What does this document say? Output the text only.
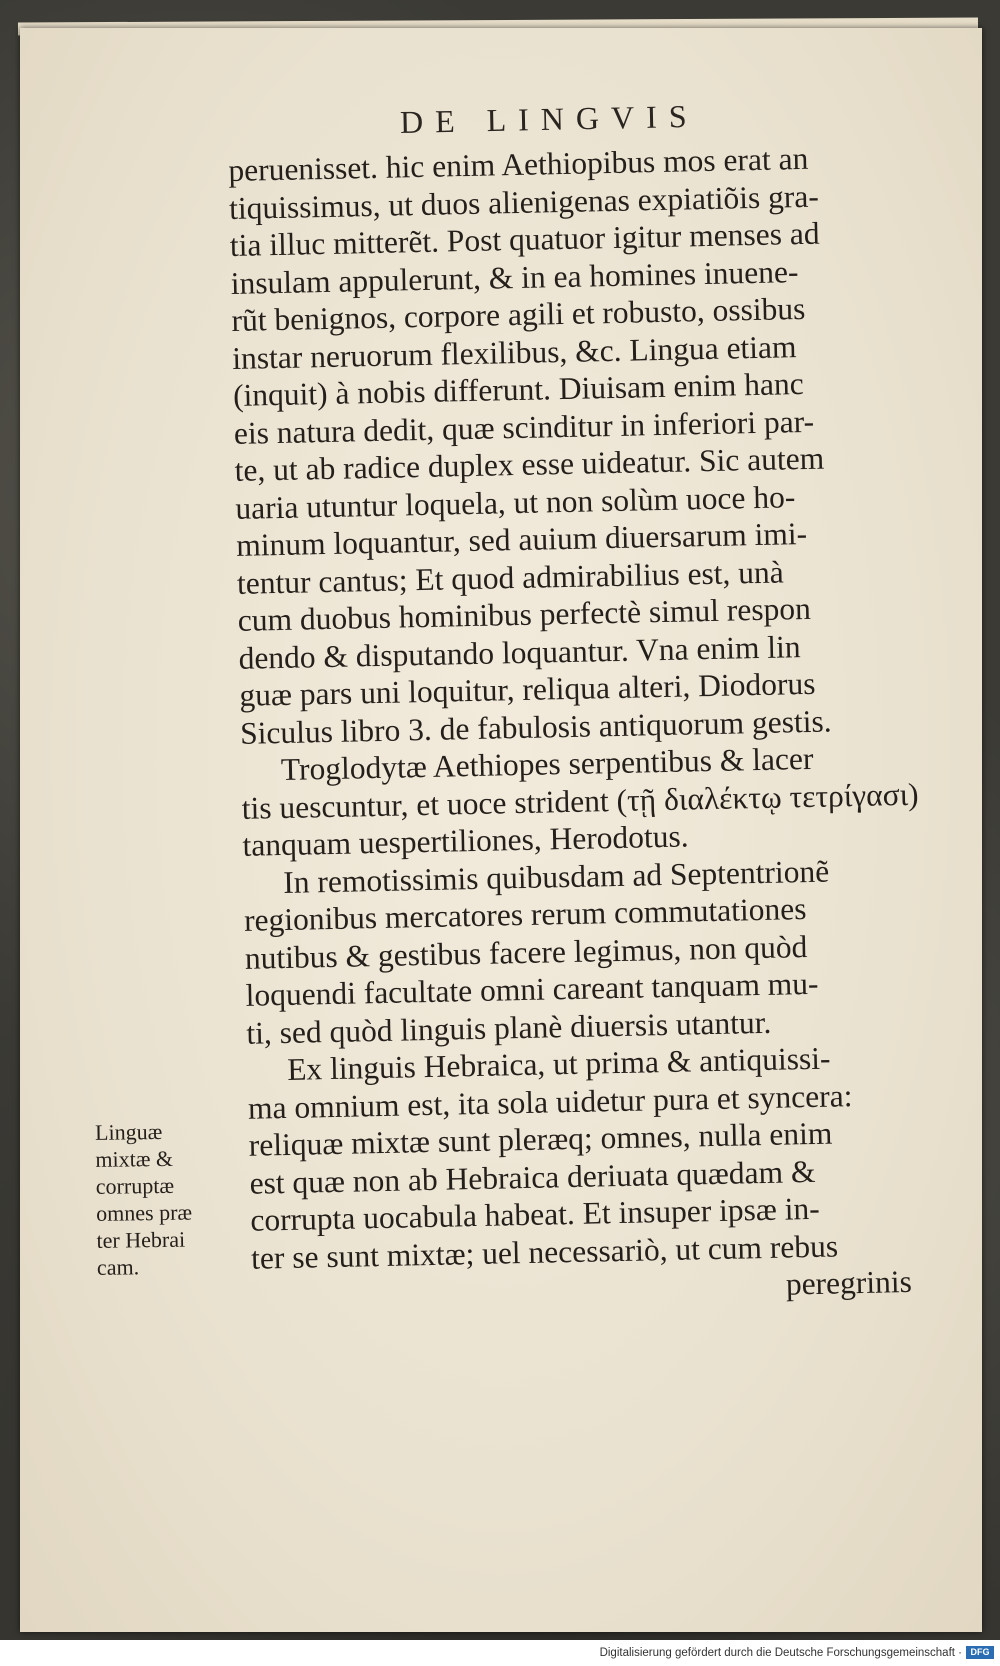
DE LINGVIS
peruenisset. hic enim Aethiopibus mos erat an
tiquissimus, ut duos alienigenas expiatiõis gra-
tia illuc mitterẽt. Post quatuor igitur menses ad
insulam appulerunt, & in ea homines inuene-
rũt benignos, corpore agili et robusto, ossibus
instar neruorum flexilibus, &c. Lingua etiam
(inquit) à nobis differunt. Diuisam enim hanc
eis natura dedit, quæ scinditur in inferiori par-
te, ut ab radice duplex esse uideatur. Sic autem
uaria utuntur loquela, ut non solùm uoce ho-
minum loquantur, sed auium diuersarum imi-
tentur cantus; Et quod admirabilius est, unà
cum duobus hominibus perfectè simul respon
dendo & disputando loquantur. Vna enim lin
guæ pars uni loquitur, reliqua alteri, Diodorus
Siculus libro 3. de fabulosis antiquorum gestis.
Troglodytæ Aethiopes serpentibus & lacer
tis uescuntur, et uoce strident (τῇ διαλέκτῳ τετρίγασι)
tanquam uespertiliones, Herodotus.
In remotissimis quibusdam ad Septentrionẽ
regionibus mercatores rerum commutationes
nutibus & gestibus facere legimus, non quòd
loquendi facultate omni careant tanquam mu-
ti, sed quòd linguis planè diuersis utantur.
Ex linguis Hebraica, ut prima & antiquissi-
ma omnium est, ita sola uidetur pura et syncera:
reliquæ mixtæ sunt pleræq; omnes, nulla enim
est quæ non ab Hebraica deriuata quædam &
corrupta uocabula habeat. Et insuper ipsæ in-
ter se sunt mixtæ; uel necessariò, ut cum rebus
peregrinis
Linguæ
mixtæ &
corruptæ
omnes præ
ter Hebrai
cam.
Digitalisierung gefördert durch die Deutsche Forschungsgemeinschaft · DFG
